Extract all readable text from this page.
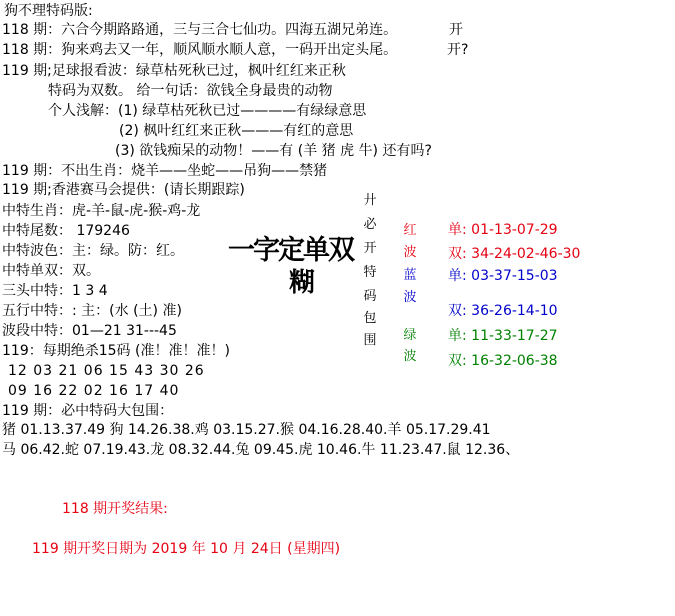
狗不理特码版:
118 期：六合今期路路通，三与三合七仙功。四海五湖兄弟连。	开
118 期：狗来鸡去又一年，顺风顺水顺人意，一码开出定头尾。	开?
119 期;足球报看波：绿草枯死秋已过，枫叶红红来正秋
特码为双数。 给一句话：欲钱全身最贵的动物
个人浅解：(1) 绿草枯死秋已过————有绿绿意思
(2) 枫叶红红来正秋———有红的意思
(3) 欲钱痴呆的动物！——有 (羊 猪 虎 牛) 还有吗?
119 期：不出生肖：烧羊——坐蛇——吊狗——禁猪
119 期;香港赛马会提供：(请长期跟踪)
中特生肖：虎-羊-鼠-虎-猴-鸡-龙
中特尾数： 179246
中特波色：主：绿。防：红。
中特单双：双。
三头中特：1 3 4
五行中特：: 主：(水 (土) 准)
波段中特：01—21 31---45
119：每期绝杀15码 (准！准！准！)
12 03 21 06 15 43 30 26
09 16 22 02 16 17 40
119 期：必中特码大包围：
猪 01.13.37.49 狗 14.26.38.鸡 03.15.27.猴 04.16.28.40.羊 05.17.29.41
马 06.42.蛇 07.19.43.龙 08.32.44.兔 09.45.虎 10.46.牛 11.23.47.鼠 12.36、
118 期开奖结果:
119 期开奖日期为 2019 年 10 月 24日 (星期四)
一字定单双
糊
廾
必
开
特
码
包
围
红
波
蓝
波
绿
波
单: 01-13-07-29
双: 34-24-02-46-30
单: 03-37-15-03
双: 36-26-14-10
单: 11-33-17-27
双: 16-32-06-38
